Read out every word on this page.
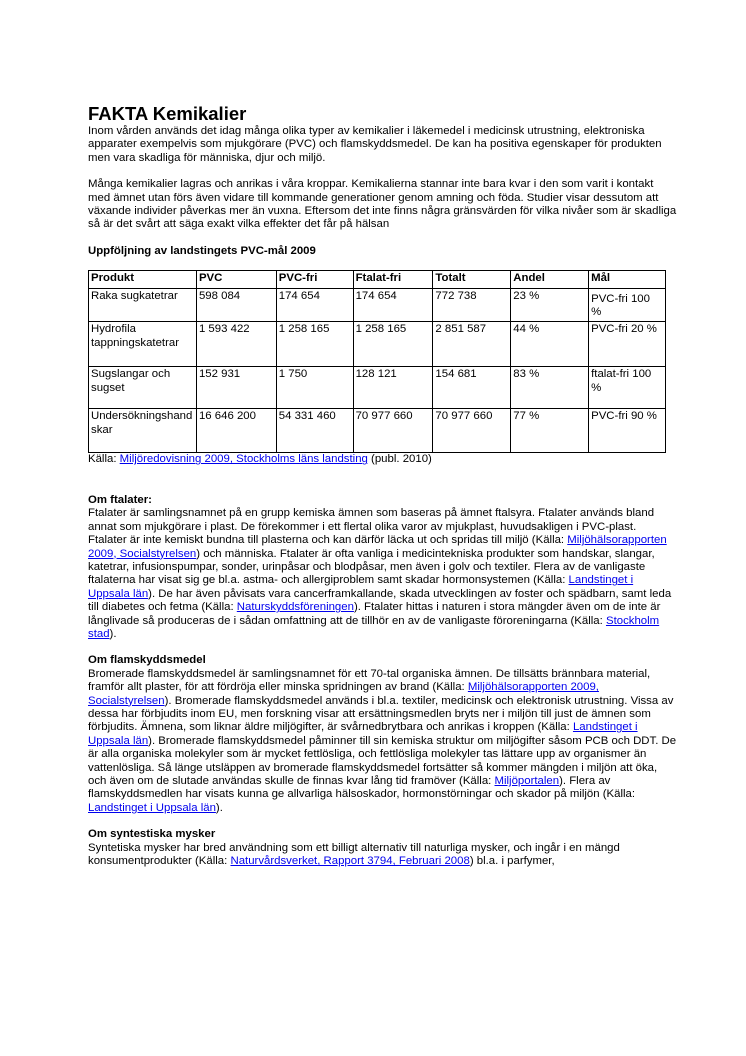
FAKTA Kemikalier

Inom vården används det idag många olika typer av kemikalier i läkemedel i medicinsk utrustning, elektroniska apparater exempelvis som mjukgörare (PVC) och flamskyddsmedel. De kan ha positiva egenskaper för produkten men vara skadliga för människa, djur och miljö.

Många kemikalier lagras och anrikas i våra kroppar. Kemikalierna stannar inte bara kvar i den som varit i kontakt med ämnet utan förs även vidare till kommande generationer genom amning och föda. Studier visar dessutom att växande individer påverkas mer än vuxna. Eftersom det inte finns några gränsvärden för vilka nivåer som är skadliga så är det svårt att säga exakt vilka effekter det får på hälsan

Uppföljning av landstingets PVC-mål 2009

Produkt	PVC	PVC-fri	Ftalat-fri	Totalt	Andel	Mål
Raka sugkatetrar	598 084	174 654	174 654	772 738	23 %	PVC-fri 100 %
Hydrofila tappningskatetrar	1 593 422	1 258 165	1 258 165	2 851 587	44 %	PVC-fri 20 %
Sugslangar och sugset	152 931	1 750	128 121	154 681	83 %	ftalat-fri 100 %
Undersökningshandskar	16 646 200	54 331 460	70 977 660	70 977 660	77 %	PVC-fri 90 %
Källa: Miljöredovisning 2009, Stockholms läns landsting (publ. 2010)

Om ftalater:

Ftalater är samlingsnamnet på en grupp kemiska ämnen som baseras på ämnet ftalsyra. Ftalater används bland annat som mjukgörare i plast. De förekommer i ett flertal olika varor av mjukplast, huvudsakligen i PVC-plast. Ftalater är inte kemiskt bundna till plasterna och kan därför läcka ut och spridas till miljö (Källa: Miljöhälsorapporten 2009, Socialstyrelsen) och människa. Ftalater är ofta vanliga i medicintekniska produkter som handskar, slangar, katetrar, infusionspumpar, sonder, urinpåsar och blodpåsar, men även i golv och textiler. Flera av de vanligaste ftalaterna har visat sig ge bl.a. astma- och allergiproblem samt skadar hormonsystemen (Källa: Landstinget i Uppsala län). De har även påvisats vara cancerframkallande, skada utvecklingen av foster och spädbarn, samt leda till diabetes och fetma (Källa: Naturskyddsföreningen). Ftalater hittas i naturen i stora mängder även om de inte är långlivade så produceras de i sådan omfattning att de tillhör en av de vanligaste föroreningarna (Källa: Stockholm stad).

Om flamskyddsmedel

Bromerade flamskyddsmedel är samlingsnamnet för ett 70-tal organiska ämnen. De tillsätts brännbara material, framför allt plaster, för att fördröja eller minska spridningen av brand (Källa: Miljöhälsorapporten 2009, Socialstyrelsen). Bromerade flamskyddsmedel används i bl.a. textiler, medicinsk och elektronisk utrustning. Vissa av dessa har förbjudits inom EU, men forskning visar att ersättningsmedlen bryts ner i miljön till just de ämnen som förbjudits. Ämnena, som liknar äldre miljögifter, är svårnedbrytbara och anrikas i kroppen (Källa: Landstinget i Uppsala län). Bromerade flamskyddsmedel påminner till sin kemiska struktur om miljögifter såsom PCB och DDT. De är alla organiska molekyler som är mycket fettlösliga, och fettlösliga molekyler tas lättare upp av organismer än vattenlösliga. Så länge utsläppen av bromerade flamskyddsmedel fortsätter så kommer mängden i miljön att öka, och även om de slutade användas skulle de finnas kvar lång tid framöver (Källa: Miljöportalen). Flera av flamskyddsmedlen har visats kunna ge allvarliga hälsoskador, hormonstörningar och skador på miljön (Källa: Landstinget i Uppsala län).

Om syntestiska mysker

Syntetiska mysker har bred användning som ett billigt alternativ till naturliga mysker, och ingår i en mängd konsumentprodukter (Källa: Naturvårdsverket, Rapport 3794, Februari 2008) bl.a. i parfymer,
